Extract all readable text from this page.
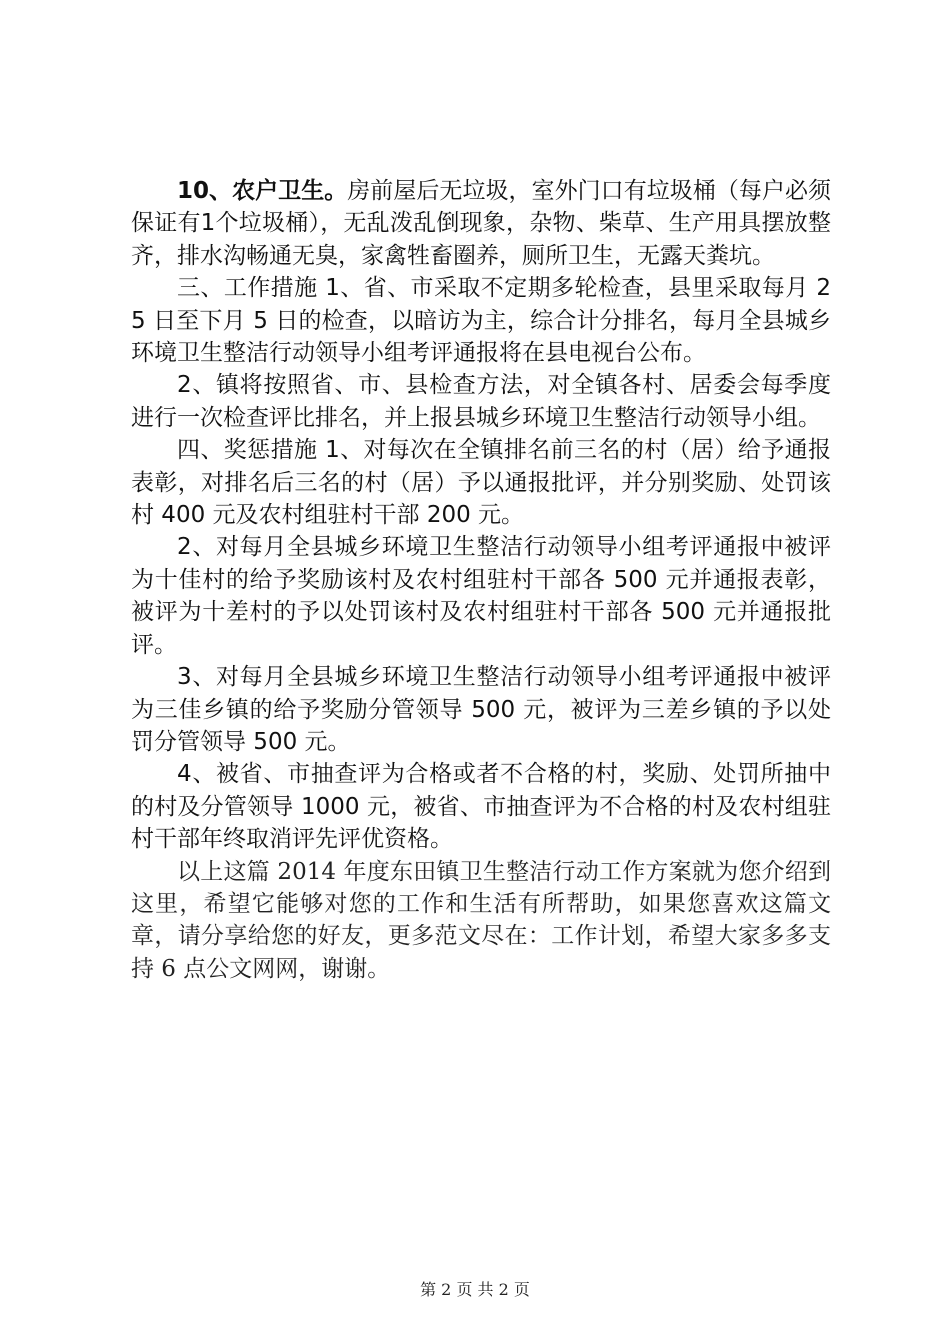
10、农户卫生。房前屋后无垃圾，室外门口有垃圾桶（每户必须保证有1个垃圾桶），无乱泼乱倒现象，杂物、柴草、生产用具摆放整齐，排水沟畅通无臭，家禽牲畜圈养，厕所卫生，无露天粪坑。

三、工作措施 1、省、市采取不定期多轮检查，县里采取每月 25 日至下月 5 日的检查，以暗访为主，综合计分排名，每月全县城乡环境卫生整洁行动领导小组考评通报将在县电视台公布。

2、镇将按照省、市、县检查方法，对全镇各村、居委会每季度进行一次检查评比排名，并上报县城乡环境卫生整洁行动领导小组。

四、奖惩措施 1、对每次在全镇排名前三名的村（居）给予通报表彰，对排名后三名的村（居）予以通报批评，并分别奖励、处罚该村 400 元及农村组驻村干部 200 元。

2、对每月全县城乡环境卫生整洁行动领导小组考评通报中被评为十佳村的给予奖励该村及农村组驻村干部各 500 元并通报表彰，被评为十差村的予以处罚该村及农村组驻村干部各 500 元并通报批评。

3、对每月全县城乡环境卫生整洁行动领导小组考评通报中被评为三佳乡镇的给予奖励分管领导 500 元，被评为三差乡镇的予以处罚分管领导 500 元。

4、被省、市抽查评为合格或者不合格的村，奖励、处罚所抽中的村及分管领导 1000 元，被省、市抽查评为不合格的村及农村组驻村干部年终取消评先评优资格。

以上这篇 2014 年度东田镇卫生整洁行动工作方案就为您介绍到这里，希望它能够对您的工作和生活有所帮助，如果您喜欢这篇文章，请分享给您的好友，更多范文尽在：工作计划，希望大家多多支持 6 点公文网网，谢谢。

第 2 页 共 2 页
